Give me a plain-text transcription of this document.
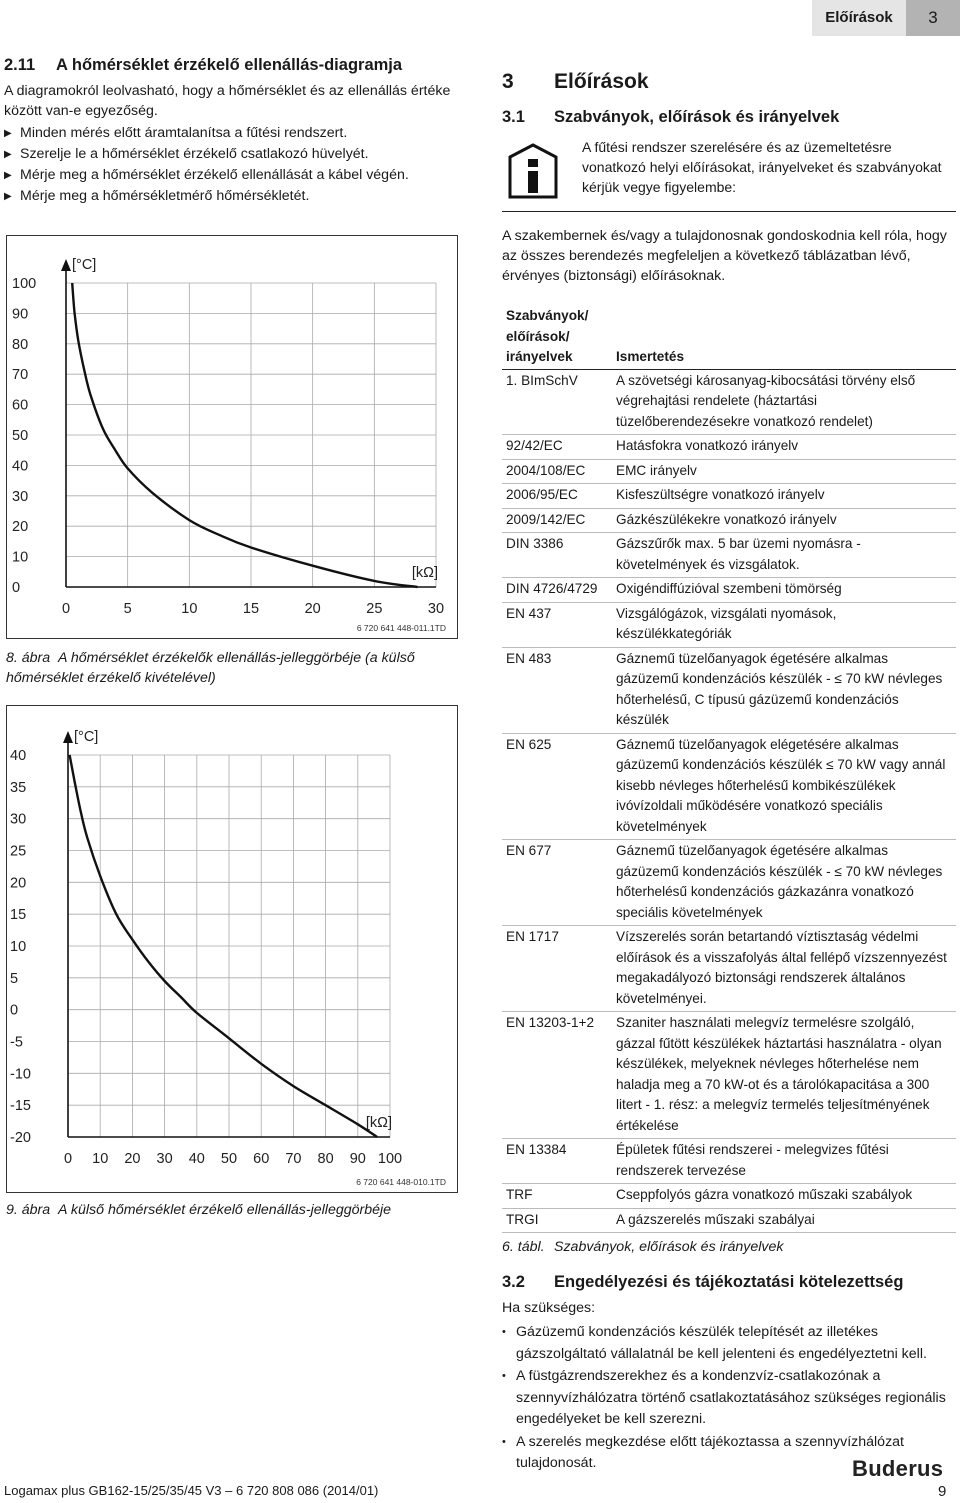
Előírások	3
2.11 A hőmérséklet érzékelő ellenállás-diagramja

A diagramokról leolvasható, hogy a hőmérséklet és az ellenállás értéke között van-e egyezőség.

▶ Minden mérés előtt áramtalanítsa a fűtési rendszert.
▶ Szerelje le a hőmérséklet érzékelő csatlakozó hüvelyét.
▶ Mérje meg a hőmérséklet érzékelő ellenállását a kábel végén.
▶ Mérje meg a hőmérsékletmérő hőmérsékletét.
0
10
20
30
40
50
60
70
80
90
100
0	5	10	15	20	25	30
[°C]
[kΩ]
6 720 641 448-011.1TD
8. ábra A hőmérséklet érzékelők ellenállás-jelleggörbéje (a külső hőmérséklet érzékelő kivételével)
-20
-15
-10
-5
0
5
10
15
20
25
30
35
40
0 10 20 30 40 50 60 70 80 90 100
[°C]
[kΩ]
6 720 641 448-010.1TD
9. ábra A külső hőmérséklet érzékelő ellenállás-jelleggörbéje
3 Előírások
3.1 Szabványok, előírások és irányelvek
A fűtési rendszer szerelésére és az üzemeltetésre vonatkozó helyi előírásokat, irányelveket és szabványokat kérjük vegye figyelembe:

A szakembernek és/vagy a tulajdonosnak gondoskodnia kell róla, hogy az összes berendezés megfeleljen a következő táblázatban lévő, érvényes (biztonsági) előírásoknak.

Szabványok/ előírások/ irányelvek	Ismertetés
1. BImSchV	A szövetségi károsanyag-kibocsátási törvény első végrehajtási rendelete (háztartási tüzelőberendezésekre vonatkozó rendelet)
92/42/EC	Hatásfokra vonatkozó irányelv
2004/108/EC	EMC irányelv
2006/95/EC	Kisfeszültségre vonatkozó irányelv
2009/142/EC	Gázkészülékekre vonatkozó irányelv
DIN 3386	Gázszűrők max. 5 bar üzemi nyomásra - követelmények és vizsgálatok.
DIN 4726/4729	Oxigéndiffúzióval szembeni tömörség
EN 437	Vizsgálógázok, vizsgálati nyomások, készülékkategóriák
EN 483	Gáznemű tüzelőanyagok égetésére alkalmas gázüzemű kondenzációs készülék - ≤ 70 kW névleges hőterhelésű, C típusú gázüzemű kondenzációs készülék
EN 625	Gáznemű tüzelőanyagok elégetésére alkalmas gázüzemű kondenzációs készülék ≤ 70 kW vagy annál kisebb névleges hőterhelésű kombikészülékek ivóvízoldali működésére vonatkozó speciális követelmények
EN 677	Gáznemű tüzelőanyagok égetésére alkalmas gázüzemű kondenzációs készülék - ≤ 70 kW névleges hőterhelésű kondenzációs gázkazánra vonatkozó speciális követelmények
EN 1717	Vízszerelés során betartandó víztisztaság védelmi előírások és a visszafolyás által fellépő vízszennyezést megakadályozó biztonsági rendszerek általános követelményei.
EN 13203-1+2	Szaniter használati melegvíz termelésre szolgáló, gázzal fűtött készülékek háztartási használatra - olyan készülékek, melyeknek névleges hőterhelése nem haladja meg a 70 kW-ot és a tárolókapacitása a 300 litert - 1. rész: a melegvíz termelés teljesítményének értékelése
EN 13384	Épületek fűtési rendszerei - melegvizes fűtési rendszerek tervezése
TRF	Cseppfolyós gázra vonatkozó műszaki szabályok
TRGI	A gázszerelés műszaki szabályai
6. tábl. Szabványok, előírások és irányelvek
3.2 Engedélyezési és tájékoztatási kötelezettség

Ha szükséges:

• Gázüzemű kondenzációs készülék telepítését az illetékes gázszolgáltató vállalatnál be kell jelenteni és engedélyeztetni kell.
• A füstgázrendszerekhez és a kondenzvíz-csatlakozónak a szennyvízhálózatra történő csatlakoztatásához szükséges regionális engedélyeket be kell szerezni.
• A szerelés megkezdése előtt tájékoztassa a szennyvízhálózat tulajdonosát.
Logamax plus GB162-15/25/35/45 V3 – 6 720 808 086 (2014/01)
Buderus
9
